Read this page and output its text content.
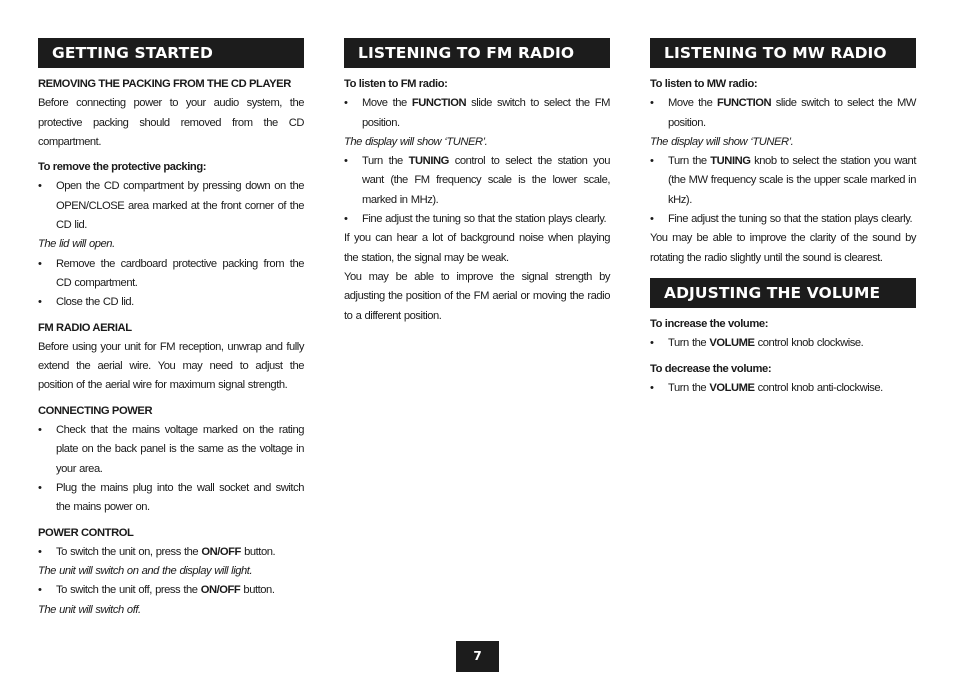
GETTING STARTED
REMOVING THE PACKING FROM THE CD PLAYER
Before connecting power to your audio system, the protective packing should removed from the CD compartment.
To remove the protective packing:
•	Open the CD compartment by pressing down on the OPEN/CLOSE area marked at the front corner of the CD lid.
The lid will open.
•	Remove the cardboard protective packing from the CD compartment.
•	Close the CD lid.
FM RADIO AERIAL
Before using your unit for FM reception, unwrap and fully extend the aerial wire. You may need to adjust the position of the aerial wire for maximum signal strength.
CONNECTING POWER
•	Check that the mains voltage marked on the rating plate on the back panel is the same as the voltage in your area.
•	Plug the mains plug into the wall socket and switch the mains power on.
POWER CONTROL
•	To switch the unit on, press the ON/OFF button.
The unit will switch on and the display will light.
•	To switch the unit off, press the ON/OFF button.
The unit will switch off.
LISTENING TO FM RADIO
To listen to FM radio:
•	Move the FUNCTION slide switch to select the FM position.
The display will show ‘TUNER’.
•	Turn the TUNING control to select the station you want (the FM frequency scale is the lower scale, marked in MHz).
•	Fine adjust the tuning so that the station plays clearly.
If you can hear a lot of background noise when playing the station, the signal may be weak.
You may be able to improve the signal strength by adjusting the position of the FM aerial or moving the radio to a different position.
LISTENING TO MW RADIO
To listen to MW radio:
•	Move the FUNCTION slide switch to select the MW position.
The display will show ‘TUNER’.
•	Turn the TUNING knob to select the station you want (the MW frequency scale is the upper scale marked in kHz).
•	Fine adjust the tuning so that the station plays clearly.
You may be able to improve the clarity of the sound by rotating the radio slightly until the sound is clearest.
ADJUSTING THE VOLUME
To increase the volume:
•	Turn the VOLUME control knob clockwise.
To decrease the volume:
•	Turn the VOLUME control knob anti-clockwise.
7
